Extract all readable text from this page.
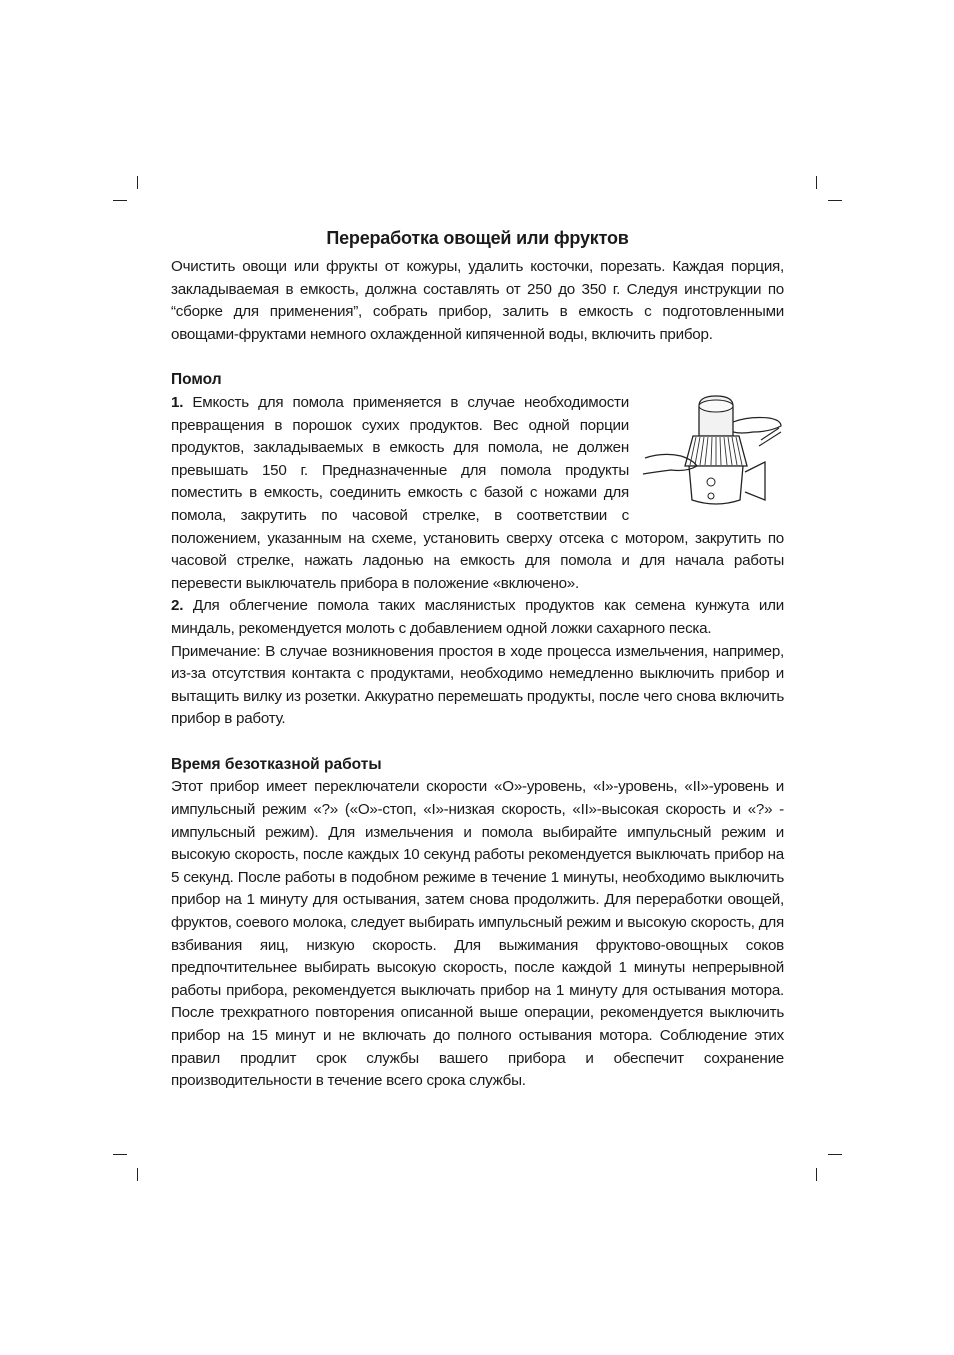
Переработка овощей или фруктов

Очистить овощи или фрукты от кожуры, удалить косточки, порезать. Каждая порция, закладываемая в емкость, должна составлять от 250 до 350 г. Следуя инструкции по “сборке для применения”, собрать прибор, залить в емкость с подготовленными овощами-фруктами немного охлажденной кипяченной воды, включить прибор.

Помол

1. Емкость для помола применяется в случае необходимости превращения в порошок сухих продуктов. Вес одной порции продуктов, закладываемых в емкость для помола, не должен превышать 150 г. Предназначенные для помола продукты поместить в емкость, соединить емкость с базой с ножами для помола, закрутить по часовой стрелке, в соответствии с положением, указанным на схеме, установить сверху отсека с мотором, закрутить по часовой стрелке, нажать ладонью на емкость для помола и для начала работы перевести выключатель прибора в положение «включено».

2. Для облегчение помола таких маслянистых продуктов как семена кунжута или миндаль, рекомендуется молоть с добавлением одной ложки сахарного песка.

Примечание: В случае возникновения простоя в ходе процесса измельчения, например, из-за отсутствия контакта с продуктами, необходимо немедленно выключить прибор и вытащить вилку из розетки. Аккуратно перемешать продукты, после чего снова включить прибор в работу.

Время безотказной работы

Этот прибор имеет переключатели скорости «O»-уровень, «I»-уровень, «II»-уровень и импульсный режим «?» («O»-стоп, «I»-низкая скорость, «II»-высокая скорость и «?» - импульсный режим). Для измельчения и помола выбирайте импульсный режим и высокую скорость, после каждых 10 секунд работы рекомендуется выключать прибор на 5 секунд. После работы в подобном режиме в течение 1 минуты, необходимо выключить прибор на 1 минуту для остывания, затем снова продолжить. Для переработки овощей, фруктов, соевого молока, следует выбирать импульсный режим и высокую скорость, для взбивания яиц, низкую скорость. Для выжимания фруктово-овощных соков предпочтительнее выбирать высокую скорость, после каждой 1 минуты непрерывной работы прибора, рекомендуется выключать прибор на 1 минуту для остывания мотора. После трехкратного повторения описанной выше операции, рекомендуется выключить прибор на 15 минут и не включать до полного остывания мотора. Соблюдение этих правил продлит срок службы вашего прибора и обеспечит сохранение производительности в течение всего срока службы.
